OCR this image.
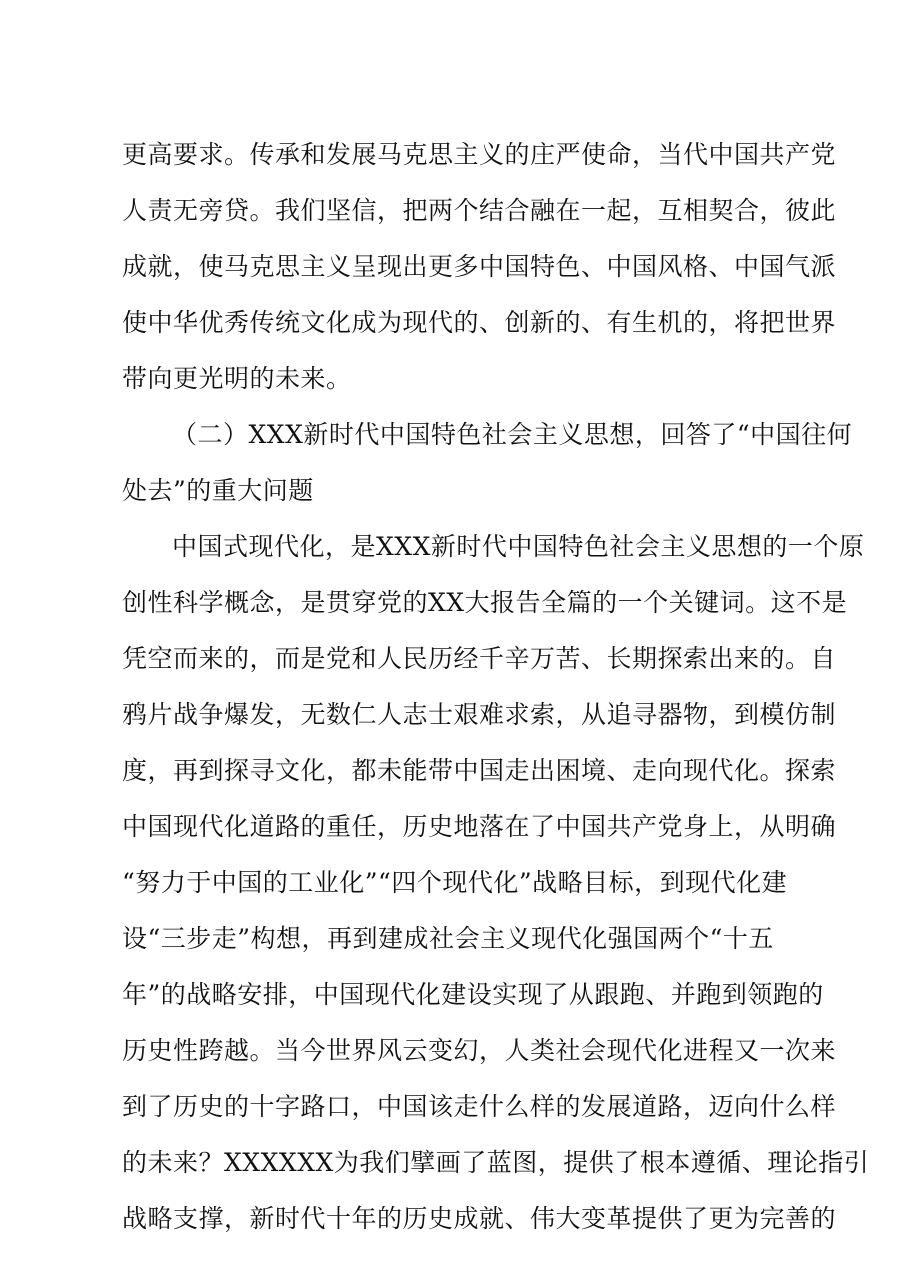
更高要求。传承和发展马克思主义的庄严使命，当代中国共产党
人责无旁贷。我们坚信，把两个结合融在一起，互相契合，彼此
成就，使马克思主义呈现出更多中国特色、中国风格、中国气派
使中华优秀传统文化成为现代的、创新的、有生机的，将把世界
带向更光明的未来。
（二）XXX新时代中国特色社会主义思想，回答了“中国往何
处去”的重大问题
中国式现代化，是XXX新时代中国特色社会主义思想的一个原
创性科学概念，是贯穿党的XX大报告全篇的一个关键词。这不是
凭空而来的，而是党和人民历经千辛万苦、长期探索出来的。自
鸦片战争爆发，无数仁人志士艰难求索，从追寻器物，到模仿制
度，再到探寻文化，都未能带中国走出困境、走向现代化。探索
中国现代化道路的重任，历史地落在了中国共产党身上，从明确
“努力于中国的工业化”“四个现代化”战略目标，到现代化建
设“三步走”构想，再到建成社会主义现代化强国两个“十五
年”的战略安排，中国现代化建设实现了从跟跑、并跑到领跑的
历史性跨越。当今世界风云变幻，人类社会现代化进程又一次来
到了历史的十字路口，中国该走什么样的发展道路，迈向什么样
的未来？XXXXXX为我们擘画了蓝图，提供了根本遵循、理论指引
战略支撑，新时代十年的历史成就、伟大变革提供了更为完善的
